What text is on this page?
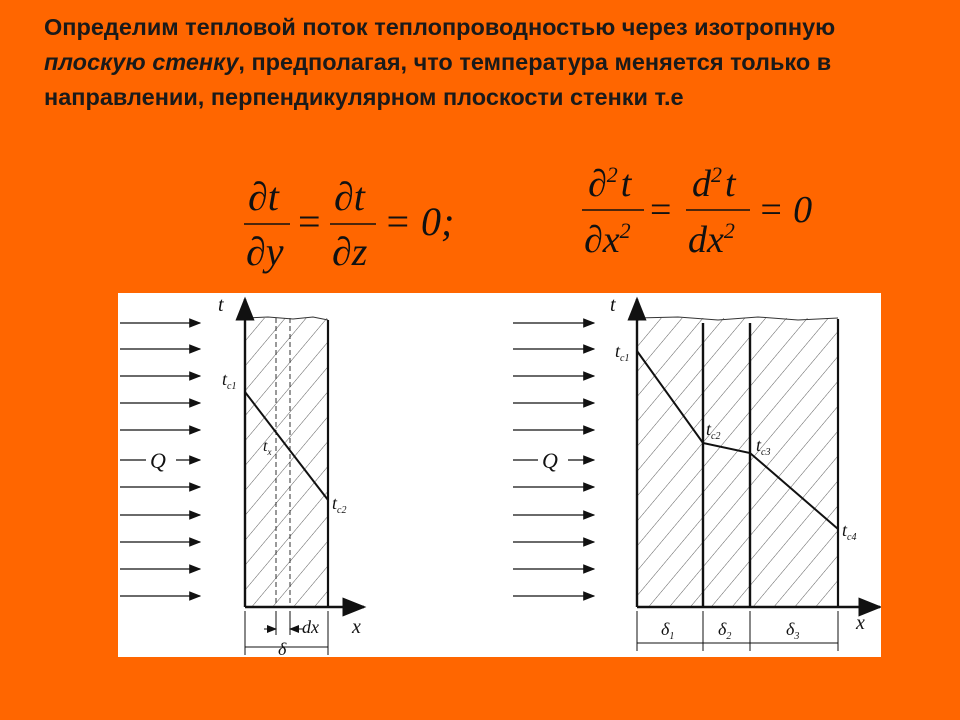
Определим тепловой поток теплопроводностью через изотропную плоскую стенку, предполагая, что температура меняется только в направлении, перпендикулярном плоскости стенки т.е

∂t
∂y
=
∂t
∂z
= 0;
∂$^2$t
$\partial x^2$ =
$d^2t$
$dx^2 = 0$
Q
t
x
$t_{c1}$
$t_x$
$t_{c2}$
dx
δ
Q
t
x
$t_{c1}$
$t_{c2}$ $t_{c3}$
$t_{c4}$
$\delta_1$ $\delta_2$	$\delta_3$
